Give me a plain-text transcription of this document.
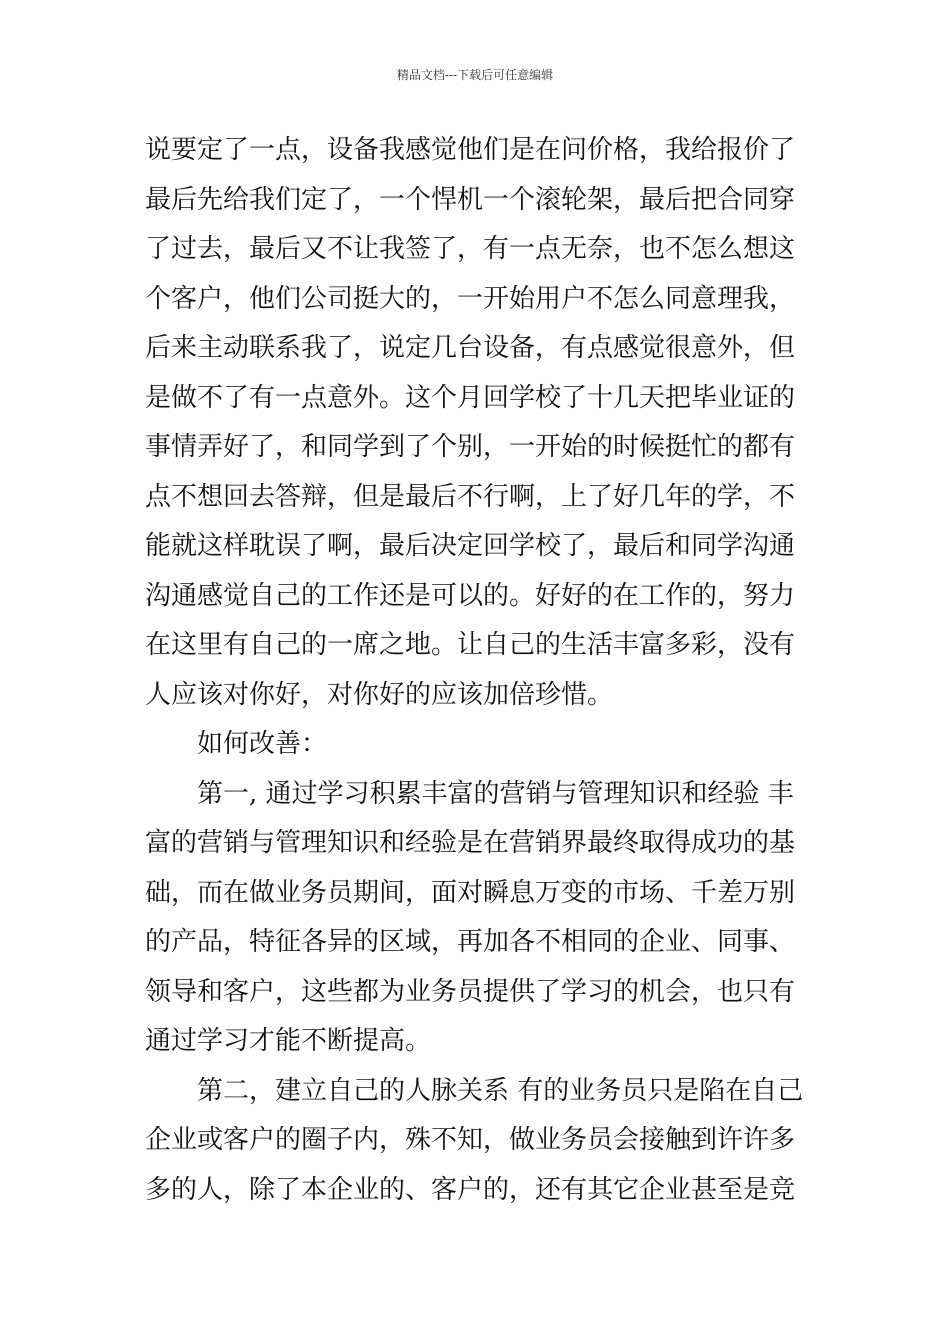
精品文档---下载后可任意编辑
说要定了一点，设备我感觉他们是在问价格，我给报价了
最后先给我们定了，一个悍机一个滚轮架，最后把合同穿
了过去，最后又不让我签了，有一点无奈，也不怎么想这
个客户，他们公司挺大的，一开始用户不怎么同意理我，
后来主动联系我了，说定几台设备，有点感觉很意外，但
是做不了有一点意外。这个月回学校了十几天把毕业证的
事情弄好了，和同学到了个别，一开始的时候挺忙的都有
点不想回去答辩，但是最后不行啊，上了好几年的学，不
能就这样耽误了啊，最后决定回学校了，最后和同学沟通
沟通感觉自己的工作还是可以的。好好的在工作的，努力
在这里有自己的一席之地。让自己的生活丰富多彩，没有
人应该对你好，对你好的应该加倍珍惜。
如何改善：
第一, 通过学习积累丰富的营销与管理知识和经验 丰
富的营销与管理知识和经验是在营销界最终取得成功的基
础，而在做业务员期间，面对瞬息万变的市场、千差万别
的产品，特征各异的区域，再加各不相同的企业、同事、
领导和客户，这些都为业务员提供了学习的机会，也只有
通过学习才能不断提高。
第二，建立自己的人脉关系 有的业务员只是陷在自己
企业或客户的圈子内，殊不知，做业务员会接触到许许多
多的人，除了本企业的、客户的，还有其它企业甚至是竞
